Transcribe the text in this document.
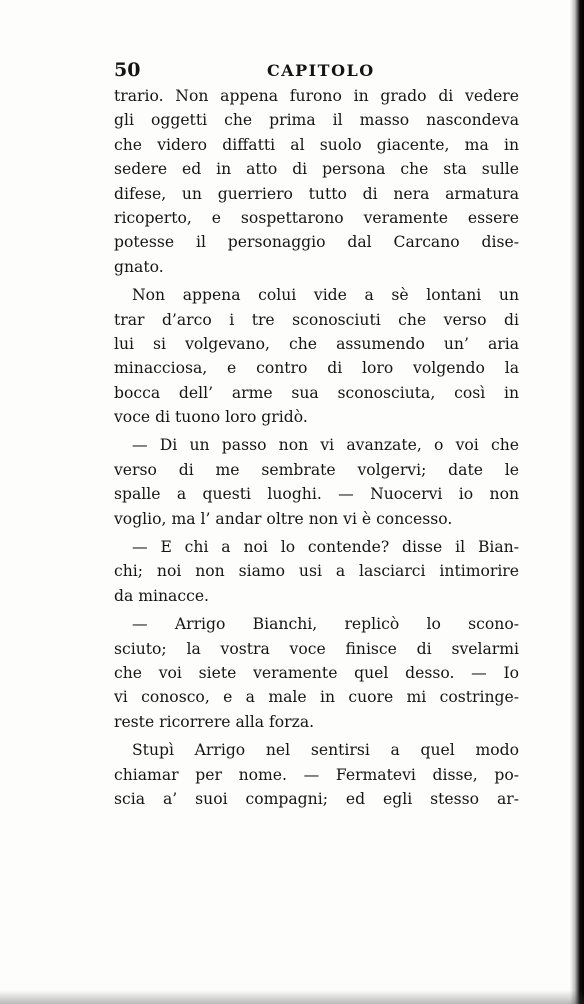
50	CAPITOLO
trario. Non appena furono in grado di vedere
gli oggetti che prima il masso nascondeva
che videro diffatti al suolo giacente, ma in
sedere ed in atto di persona che sta sulle
difese, un guerriero tutto di nera armatura
ricoperto, e sospettarono veramente essere
potesse il personaggio dal Carcano dise-
gnato.
Non appena colui vide a sè lontani un
trar d’arco i tre sconosciuti che verso di
lui si volgevano, che assumendo un’ aria
minacciosa, e contro di loro volgendo la
bocca dell’ arme sua sconosciuta, così in
voce di tuono loro gridò.
— Di un passo non vi avanzate, o voi che
verso di me sembrate volgervi; date le
spalle a questi luoghi. — Nuocervi io non
voglio, ma l’ andar oltre non vi è concesso.
— E chi a noi lo contende? disse il Bian-
chi; noi non siamo usi a lasciarci intimorire
da minacce.
— Arrigo Bianchi, replicò lo scono-
sciuto; la vostra voce finisce di svelarmi
che voi siete veramente quel desso. — Io
vi conosco, e a male in cuore mi costringe-
reste ricorrere alla forza.
Stupì Arrigo nel sentirsi a quel modo
chiamar per nome. — Fermatevi disse, po-
scia a’ suoi compagni; ed egli stesso ar-
